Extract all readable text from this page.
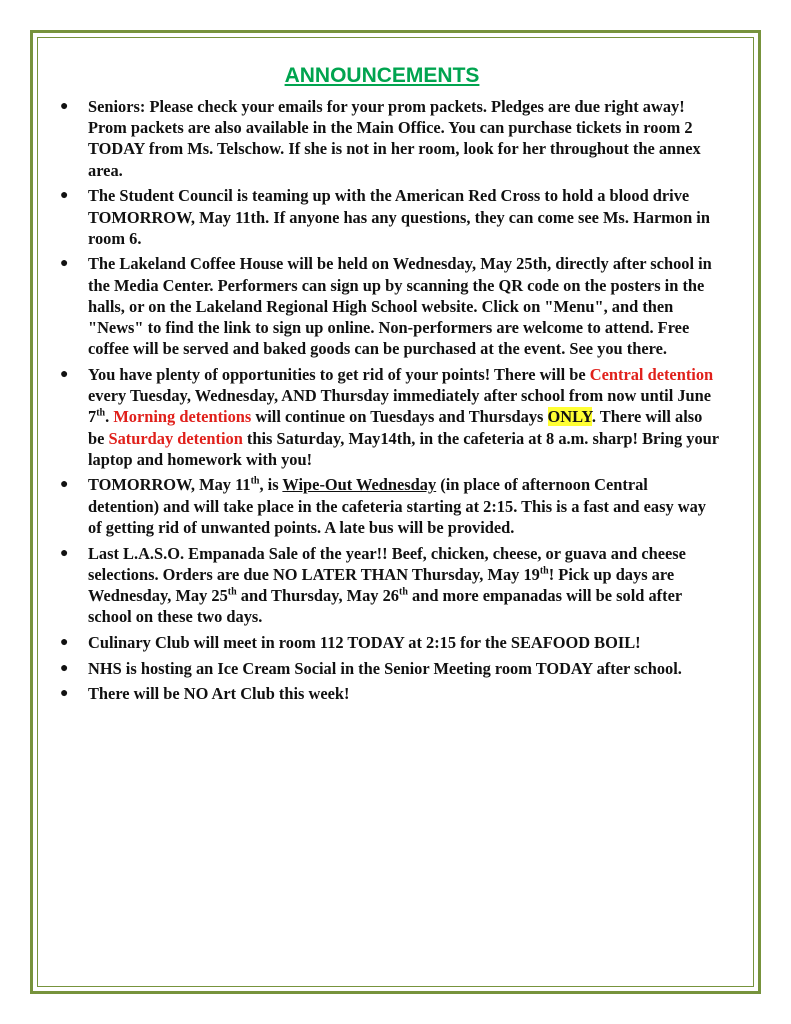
ANNOUNCEMENTS
● Seniors: Please check your emails for your prom packets. Pledges are due right away! Prom packets are also available in the Main Office. You can purchase tickets in room 2 TODAY from Ms. Telschow. If she is not in her room, look for her throughout the annex area.
● The Student Council is teaming up with the American Red Cross to hold a blood drive TOMORROW, May 11th. If anyone has any questions, they can come see Ms. Harmon in room 6.
● The Lakeland Coffee House will be held on Wednesday, May 25th, directly after school in the Media Center. Performers can sign up by scanning the QR code on the posters in the halls, or on the Lakeland Regional High School website. Click on "Menu", and then "News" to find the link to sign up online. Non-performers are welcome to attend. Free coffee will be served and baked goods can be purchased at the event. See you there.
● You have plenty of opportunities to get rid of your points! There will be Central detention every Tuesday, Wednesday, AND Thursday immediately after school from now until June 7th. Morning detentions will continue on Tuesdays and Thursdays ONLY. There will also be Saturday detention this Saturday, May14th, in the cafeteria at 8 a.m. sharp! Bring your laptop and homework with you!
● TOMORROW, May 11th, is Wipe-Out Wednesday (in place of afternoon Central detention) and will take place in the cafeteria starting at 2:15. This is a fast and easy way of getting rid of unwanted points. A late bus will be provided.
● Last L.A.S.O. Empanada Sale of the year!! Beef, chicken, cheese, or guava and cheese selections. Orders are due NO LATER THAN Thursday, May 19th! Pick up days are Wednesday, May 25th and Thursday, May 26th and more empanadas will be sold after school on these two days.
● Culinary Club will meet in room 112 TODAY at 2:15 for the SEAFOOD BOIL!
● NHS is hosting an Ice Cream Social in the Senior Meeting room TODAY after school.
● There will be NO Art Club this week!
